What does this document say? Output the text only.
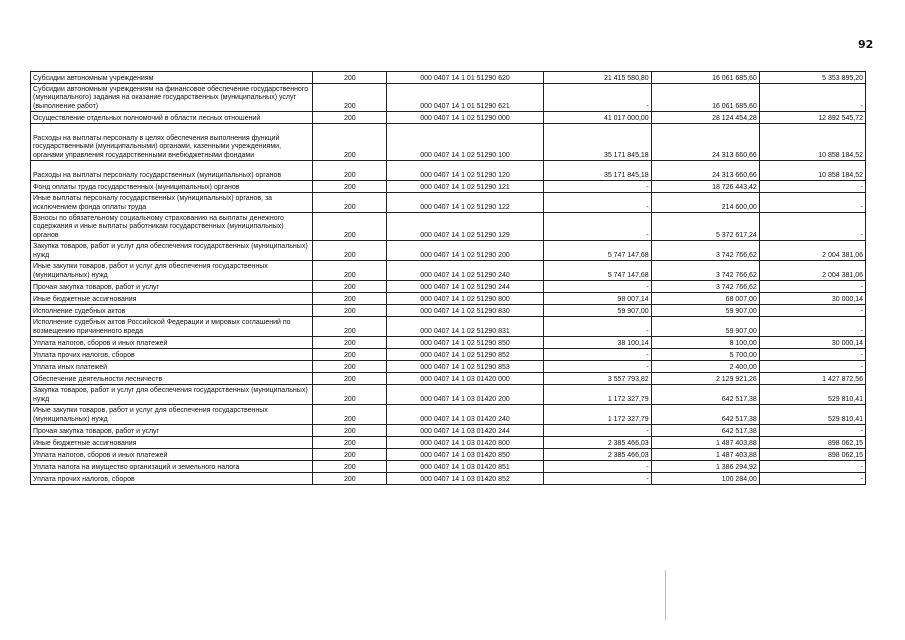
92
Субсидии автономным учреждениям	200	000 0407 14 1 01 51290 620	21 415 580,80	16 061 685,60	5 353 895,20
Субсидии автономным учреждениям на финансовое обеспечение государственного (муниципального) задания на оказание государственных (муниципальных) услуг (выполнение работ)	200	000 0407 14 1 01 51290 621	-	16 061 685,60	-
Осуществление отдельных полномочий в области лесных отношений	200	000 0407 14 1 02 51290 000	41 017 000,00	28 124 454,28	12 892 545,72
Расходы на выплаты персоналу в целях обеспечения выполнения функций государственными (муниципальными) органами, казенными учреждениями, органами управления государственными внебюджетными фондами	200	000 0407 14 1 02 51290 100	35 171 845,18	24 313 660,66	10 858 184,52
Расходы на выплаты персоналу государственных (муниципальных) органов	200	000 0407 14 1 02 51290 120	35 171 845,18	24 313 660,66	10 858 184,52
Фонд оплаты труда государственных (муниципальных) органов	200	000 0407 14 1 02 51290 121	-	18 726 443,42	-
Иные выплаты персоналу государственных (муниципальных) органов, за исключением фонда оплаты труда	200	000 0407 14 1 02 51290 122	-	214 600,00	-
Взносы по обязательному социальному страхованию на выплаты денежного содержания и иные выплаты работникам государственных (муниципальных) органов	200	000 0407 14 1 02 51290 129	-	5 372 617,24	-
Закупка товаров, работ и услуг для обеспечения государственных (муниципальных) нужд	200	000 0407 14 1 02 51290 200	5 747 147,68	3 742 766,62	2 004 381,06
Иные закупки товаров, работ и услуг для обеспечения государственных (муниципальных) нужд	200	000 0407 14 1 02 51290 240	5 747 147,68	3 742 766,62	2 004 381,06
Прочая закупка товаров, работ и услуг	200	000 0407 14 1 02 51290 244	-	3 742 766,62	-
Иные бюджетные ассигнования	200	000 0407 14 1 02 51290 800	98 007,14	68 007,00	30 000,14
Исполнение судебных актов	200	000 0407 14 1 02 51290 830	59 907,00	59 907,00	-
Исполнение судебных актов Российской Федерации и мировых соглашений по возмещению причиненного вреда	200	000 0407 14 1 02 51290 831	-	59 907,00	-
Уплата налогов, сборов и иных платежей	200	000 0407 14 1 02 51290 850	38 100,14	8 100,00	30 000,14
Уплата прочих налогов, сборов	200	000 0407 14 1 02 51290 852	-	5 700,00	-
Уплата иных платежей	200	000 0407 14 1 02 51290 853	-	2 400,00	-
Обеспечение деятельности лесничеств	200	000 0407 14 1 03 01420 000	3 557 793,82	2 129 921,26	1 427 872,56
Закупка товаров, работ и услуг для обеспечения государственных (муниципальных) нужд	200	000 0407 14 1 03 01420 200	1 172 327,79	642 517,38	529 810,41
Иные закупки товаров, работ и услуг для обеспечения государственных (муниципальных) нужд	200	000 0407 14 1 03 01420 240	1 172 327,79	642 517,38	529 810,41
Прочая закупка товаров, работ и услуг	200	000 0407 14 1 03 01420 244	-	642 517,38	-
Иные бюджетные ассигнования	200	000 0407 14 1 03 01420 800	2 385 466,03	1 487 403,88	898 062,15
Уплата налогов, сборов и иных платежей	200	000 0407 14 1 03 01420 850	2 385 466,03	1 487 403,88	898 062,15
Уплата налога на имущество организаций и земельного налога	200	000 0407 14 1 03 01420 851	-	1 386 294,92	-
Уплата прочих налогов, сборов	200	000 0407 14 1 03 01420 852	-	100 284,00	-
